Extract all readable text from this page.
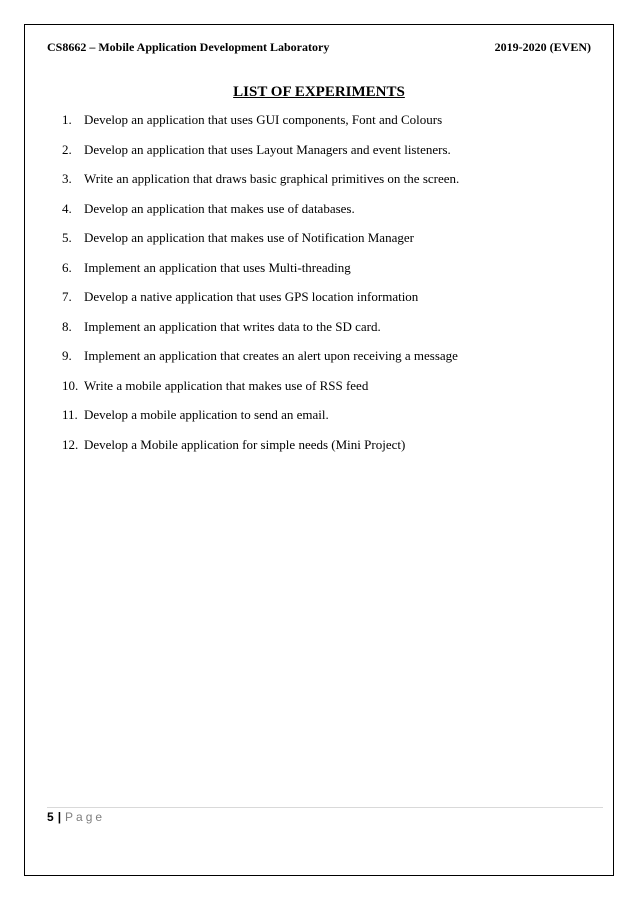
CS8662 – Mobile Application Development Laboratory	2019-2020 (EVEN)
LIST OF EXPERIMENTS
1. Develop an application that uses GUI components, Font and Colours
2. Develop an application that uses Layout Managers and event listeners.
3. Write an application that draws basic graphical primitives on the screen.
4. Develop an application that makes use of databases.
5. Develop an application that makes use of Notification Manager
6. Implement an application that uses Multi-threading
7. Develop a native application that uses GPS location information
8. Implement an application that writes data to the SD card.
9. Implement an application that creates an alert upon receiving a message
10. Write a mobile application that makes use of RSS feed
11. Develop a mobile application to send an email.
12. Develop a Mobile application for simple needs (Mini Project)
5 | Page
